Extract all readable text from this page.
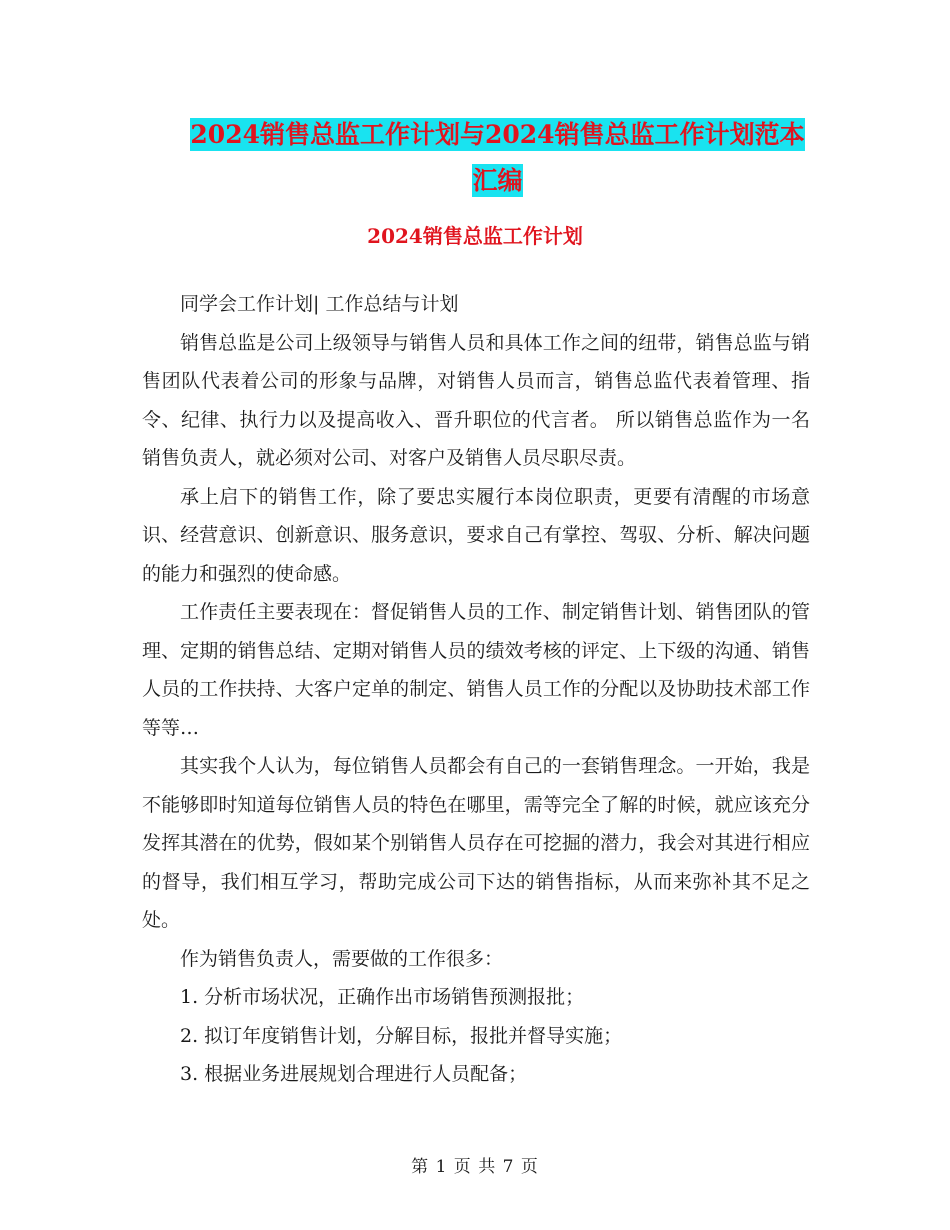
2024销售总监工作计划与2024销售总监工作计划范本
汇编
2024销售总监工作计划

同学会工作计划| 工作总结与计划

销售总监是公司上级领导与销售人员和具体工作之间的纽带，销售总监与销售团队代表着公司的形象与品牌，对销售人员而言，销售总监代表着管理、指令、纪律、执行力以及提高收入、晋升职位的代言者。 所以销售总监作为一名销售负责人，就必须对公司、对客户及销售人员尽职尽责。

承上启下的销售工作，除了要忠实履行本岗位职责，更要有清醒的市场意识、经营意识、创新意识、服务意识，要求自己有掌控、驾驭、分析、解决问题的能力和强烈的使命感。

工作责任主要表现在：督促销售人员的工作、制定销售计划、销售团队的管理、定期的销售总结、定期对销售人员的绩效考核的评定、上下级的沟通、销售人员的工作扶持、大客户定单的制定、销售人员工作的分配以及协助技术部工作等等…

其实我个人认为，每位销售人员都会有自己的一套销售理念。一开始，我是不能够即时知道每位销售人员的特色在哪里，需等完全了解的时候，就应该充分发挥其潜在的优势，假如某个别销售人员存在可挖掘的潜力，我会对其进行相应的督导，我们相互学习，帮助完成公司下达的销售指标，从而来弥补其不足之处。

作为销售负责人，需要做的工作很多：

1. 分析市场状况，正确作出市场销售预测报批；

2. 拟订年度销售计划，分解目标，报批并督导实施；

3. 根据业务进展规划合理进行人员配备；

第 1 页 共 7 页
